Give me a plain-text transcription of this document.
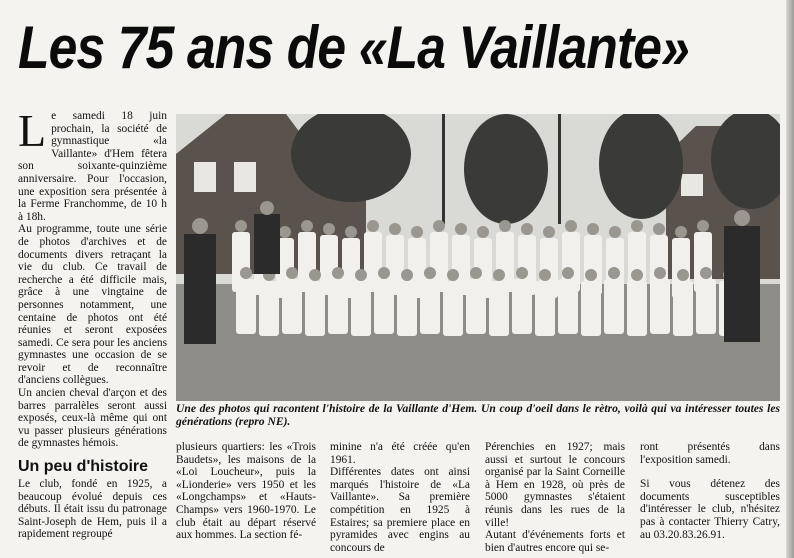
Les 75 ans de «La Vaillante»
L e samedi 18 juin prochain, la société de gymnastique «la Vaillante» d'Hem fêtera son soixante-quinzième anniversaire. Pour l'occasion, une exposition sera présentée à la Ferme Franchomme, de 10 h à 18h.

Au programme, toute une série de photos d'archives et de documents divers retraçant la vie du club. Ce travail de recherche a été difficile mais, grâce à une vingtaine de personnes notamment, une centaine de photos ont été réunies et seront exposées samedi. Ce sera pour les anciens gymnastes une occasion de se revoir et de reconnaître d'anciens collègues.

Un ancien cheval d'arçon et des barres parralèles seront aussi exposés, ceux-là même qui ont vu passer plusieurs générations de gymnastes hémois.

Un peu d'histoire

Le club, fondé en 1925, a beaucoup évolué depuis ces débuts. Il était issu du patronage Saint-Joseph de Hem, puis il a rapidement regroupé

Une des photos qui racontent l'histoire de la Vaillante d'Hem. Un coup d'oeil dans le rètro, voilà qui va intéresser toutes les générations (repro NE).

plusieurs quartiers: les «Trois Baudets», les maisons de la «Loi Loucheur», puis la «Lionderie» vers 1950 et les «Longchamps» et «Hauts-Champs» vers 1960-1970. Le club était au départ réservé aux hommes. La section fé-

minine n'a été créée qu'en 1961.

Différentes dates ont ainsi marqués l'histoire de «La Vaillante». Sa première compétition en 1925 à Estaires; sa premiere place en pyramides avec engins au concours de

Pérenchies en 1927; mais aussi et surtout le concours organisé par la Saint Corneille à Hem en 1928, où près de 5000 gymnastes s'étaient réunis dans les rues de la ville!

Autant d'événements forts et bien d'autres encore qui se-

ront présentés dans l'exposition samedi.

Si vous détenez des documents susceptibles d'intéresser le club, n'hésitez pas à contacter Thierry Catry, au 03.20.83.26.91.
